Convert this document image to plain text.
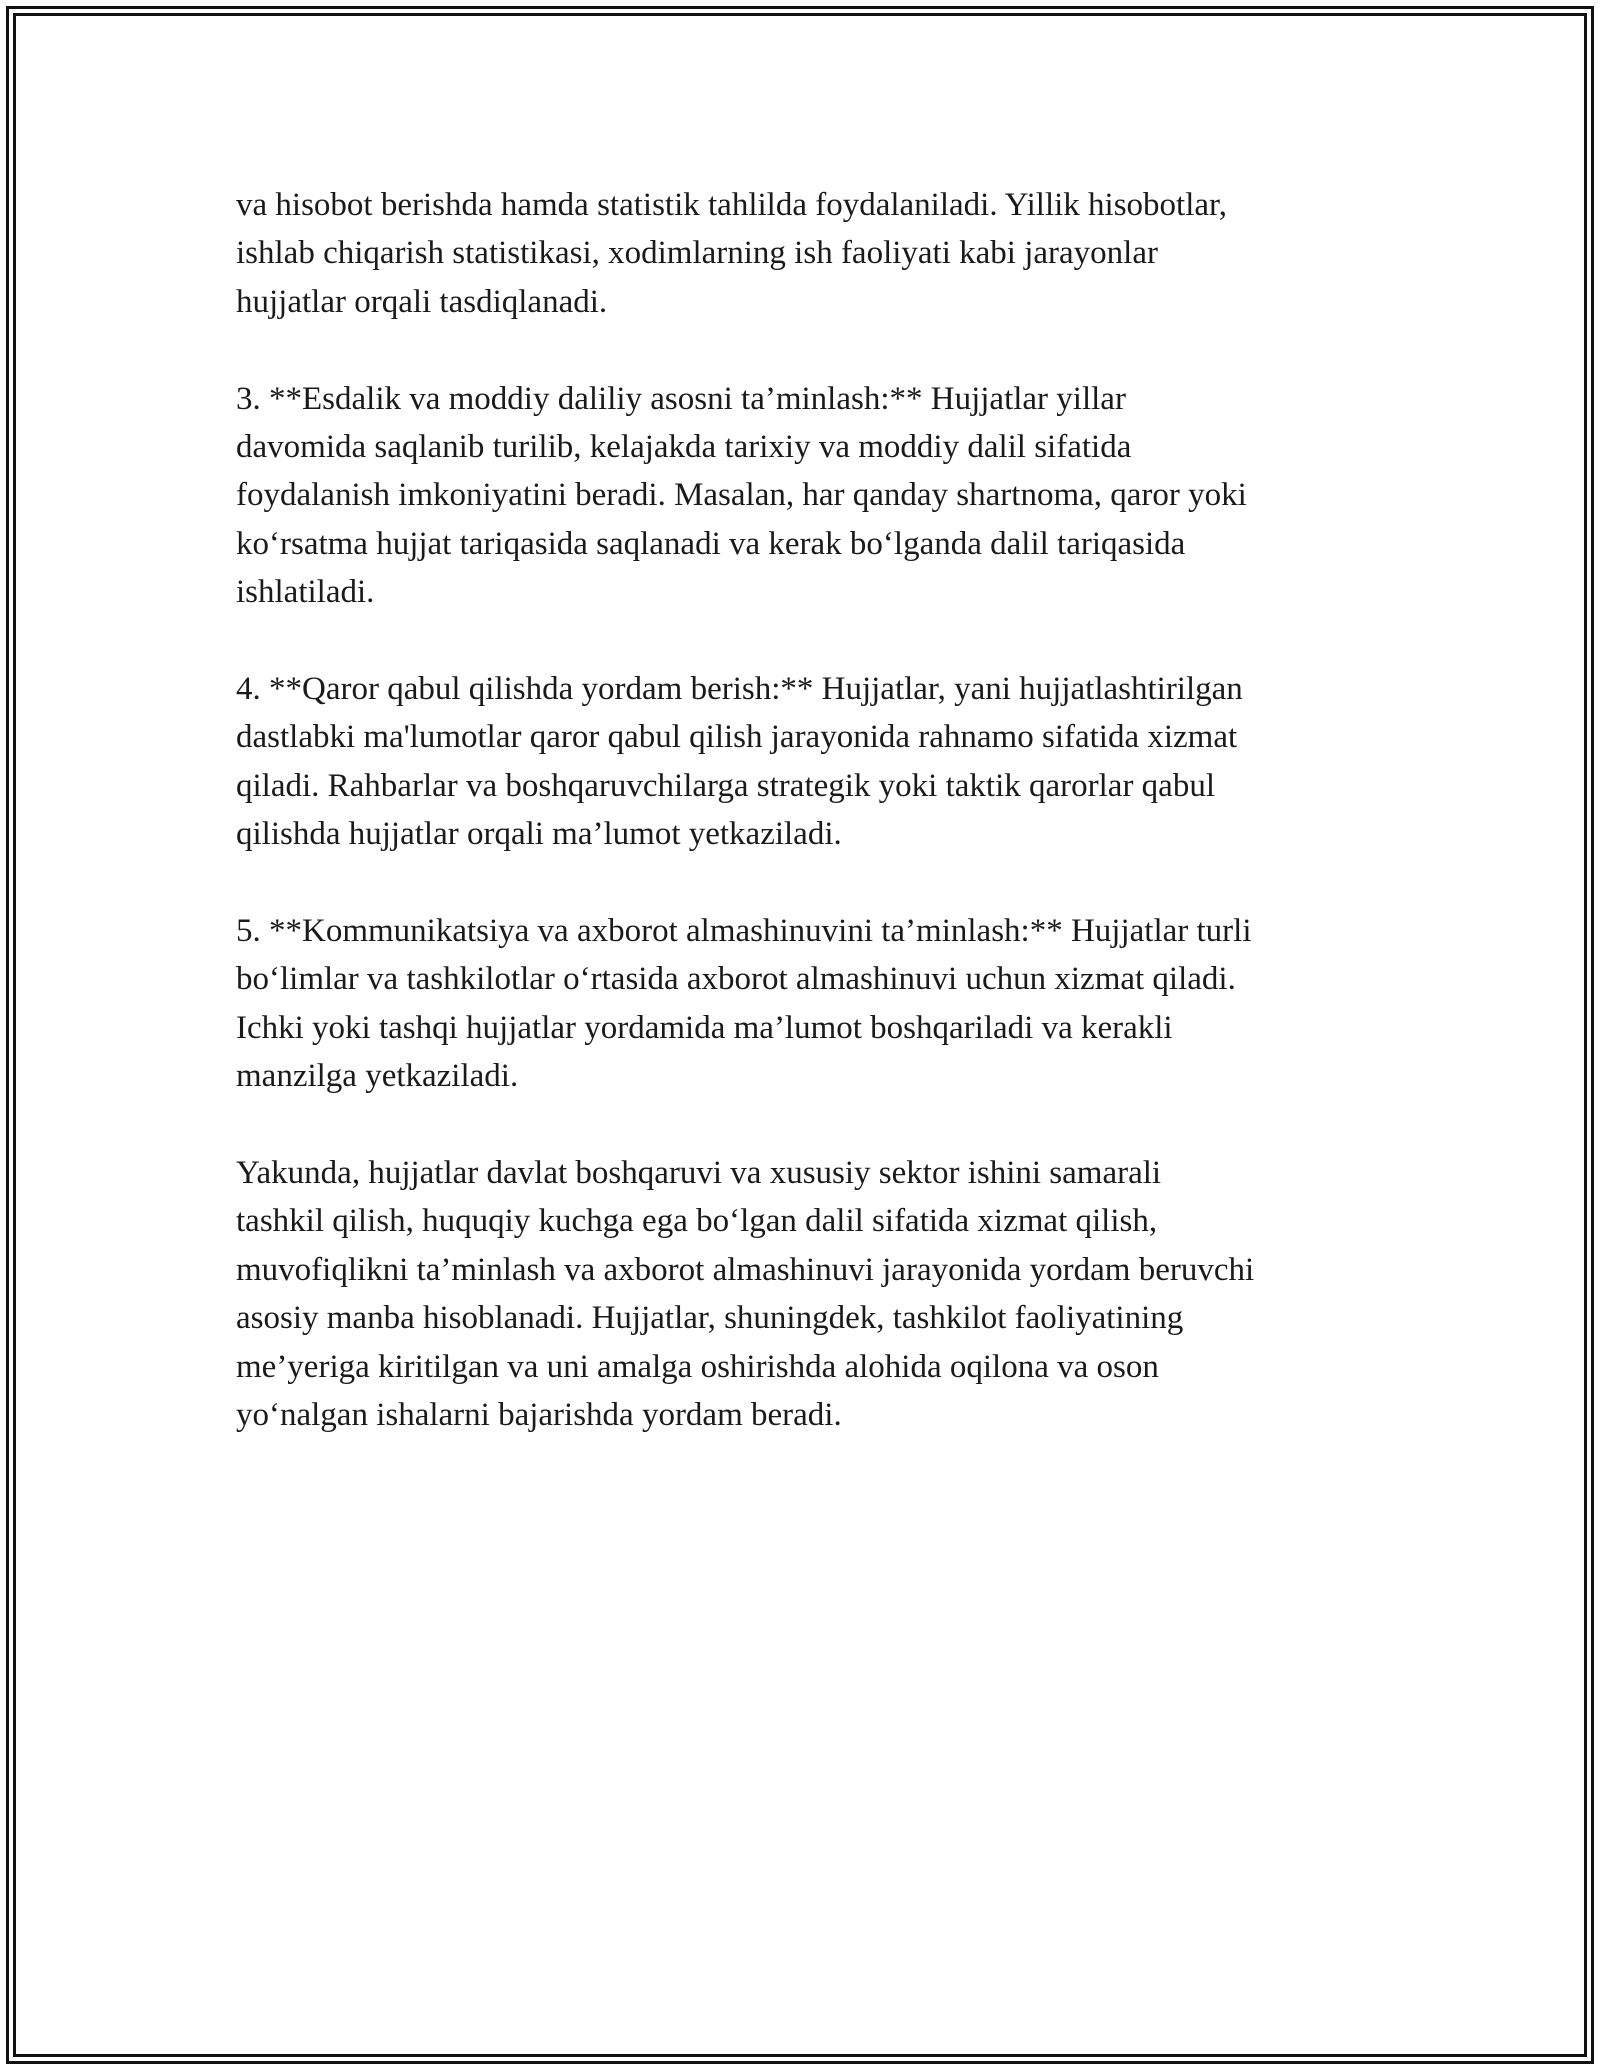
va hisobot berishda hamda statistik tahlilda foydalaniladi. Yillik hisobotlar,
ishlab chiqarish statistikasi, xodimlarning ish faoliyati kabi jarayonlar
hujjatlar orqali tasdiqlanadi.

3. **Esdalik va moddiy daliliy asosni ta’minlash:** Hujjatlar yillar
davomida saqlanib turilib, kelajakda tarixiy va moddiy dalil sifatida
foydalanish imkoniyatini beradi. Masalan, har qanday shartnoma, qaror yoki
ko‘rsatma hujjat tariqasida saqlanadi va kerak bo‘lganda dalil tariqasida
ishlatiladi.

4. **Qaror qabul qilishda yordam berish:** Hujjatlar, yani hujjatlashtirilgan
dastlabki ma'lumotlar qaror qabul qilish jarayonida rahnamo sifatida xizmat
qiladi. Rahbarlar va boshqaruvchilarga strategik yoki taktik qarorlar qabul
qilishda hujjatlar orqali ma’lumot yetkaziladi.

5. **Kommunikatsiya va axborot almashinuvini ta’minlash:** Hujjatlar turli
bo‘limlar va tashkilotlar o‘rtasida axborot almashinuvi uchun xizmat qiladi.
Ichki yoki tashqi hujjatlar yordamida ma’lumot boshqariladi va kerakli
manzilga yetkaziladi.

Yakunda, hujjatlar davlat boshqaruvi va xususiy sektor ishini samarali
tashkil qilish, huquqiy kuchga ega bo‘lgan dalil sifatida xizmat qilish,
muvofiqlikni ta’minlash va axborot almashinuvi jarayonida yordam beruvchi
asosiy manba hisoblanadi. Hujjatlar, shuningdek, tashkilot faoliyatining
me’yeriga kiritilgan va uni amalga oshirishda alohida oqilona va oson
yo‘nalgan ishalarni bajarishda yordam beradi.
